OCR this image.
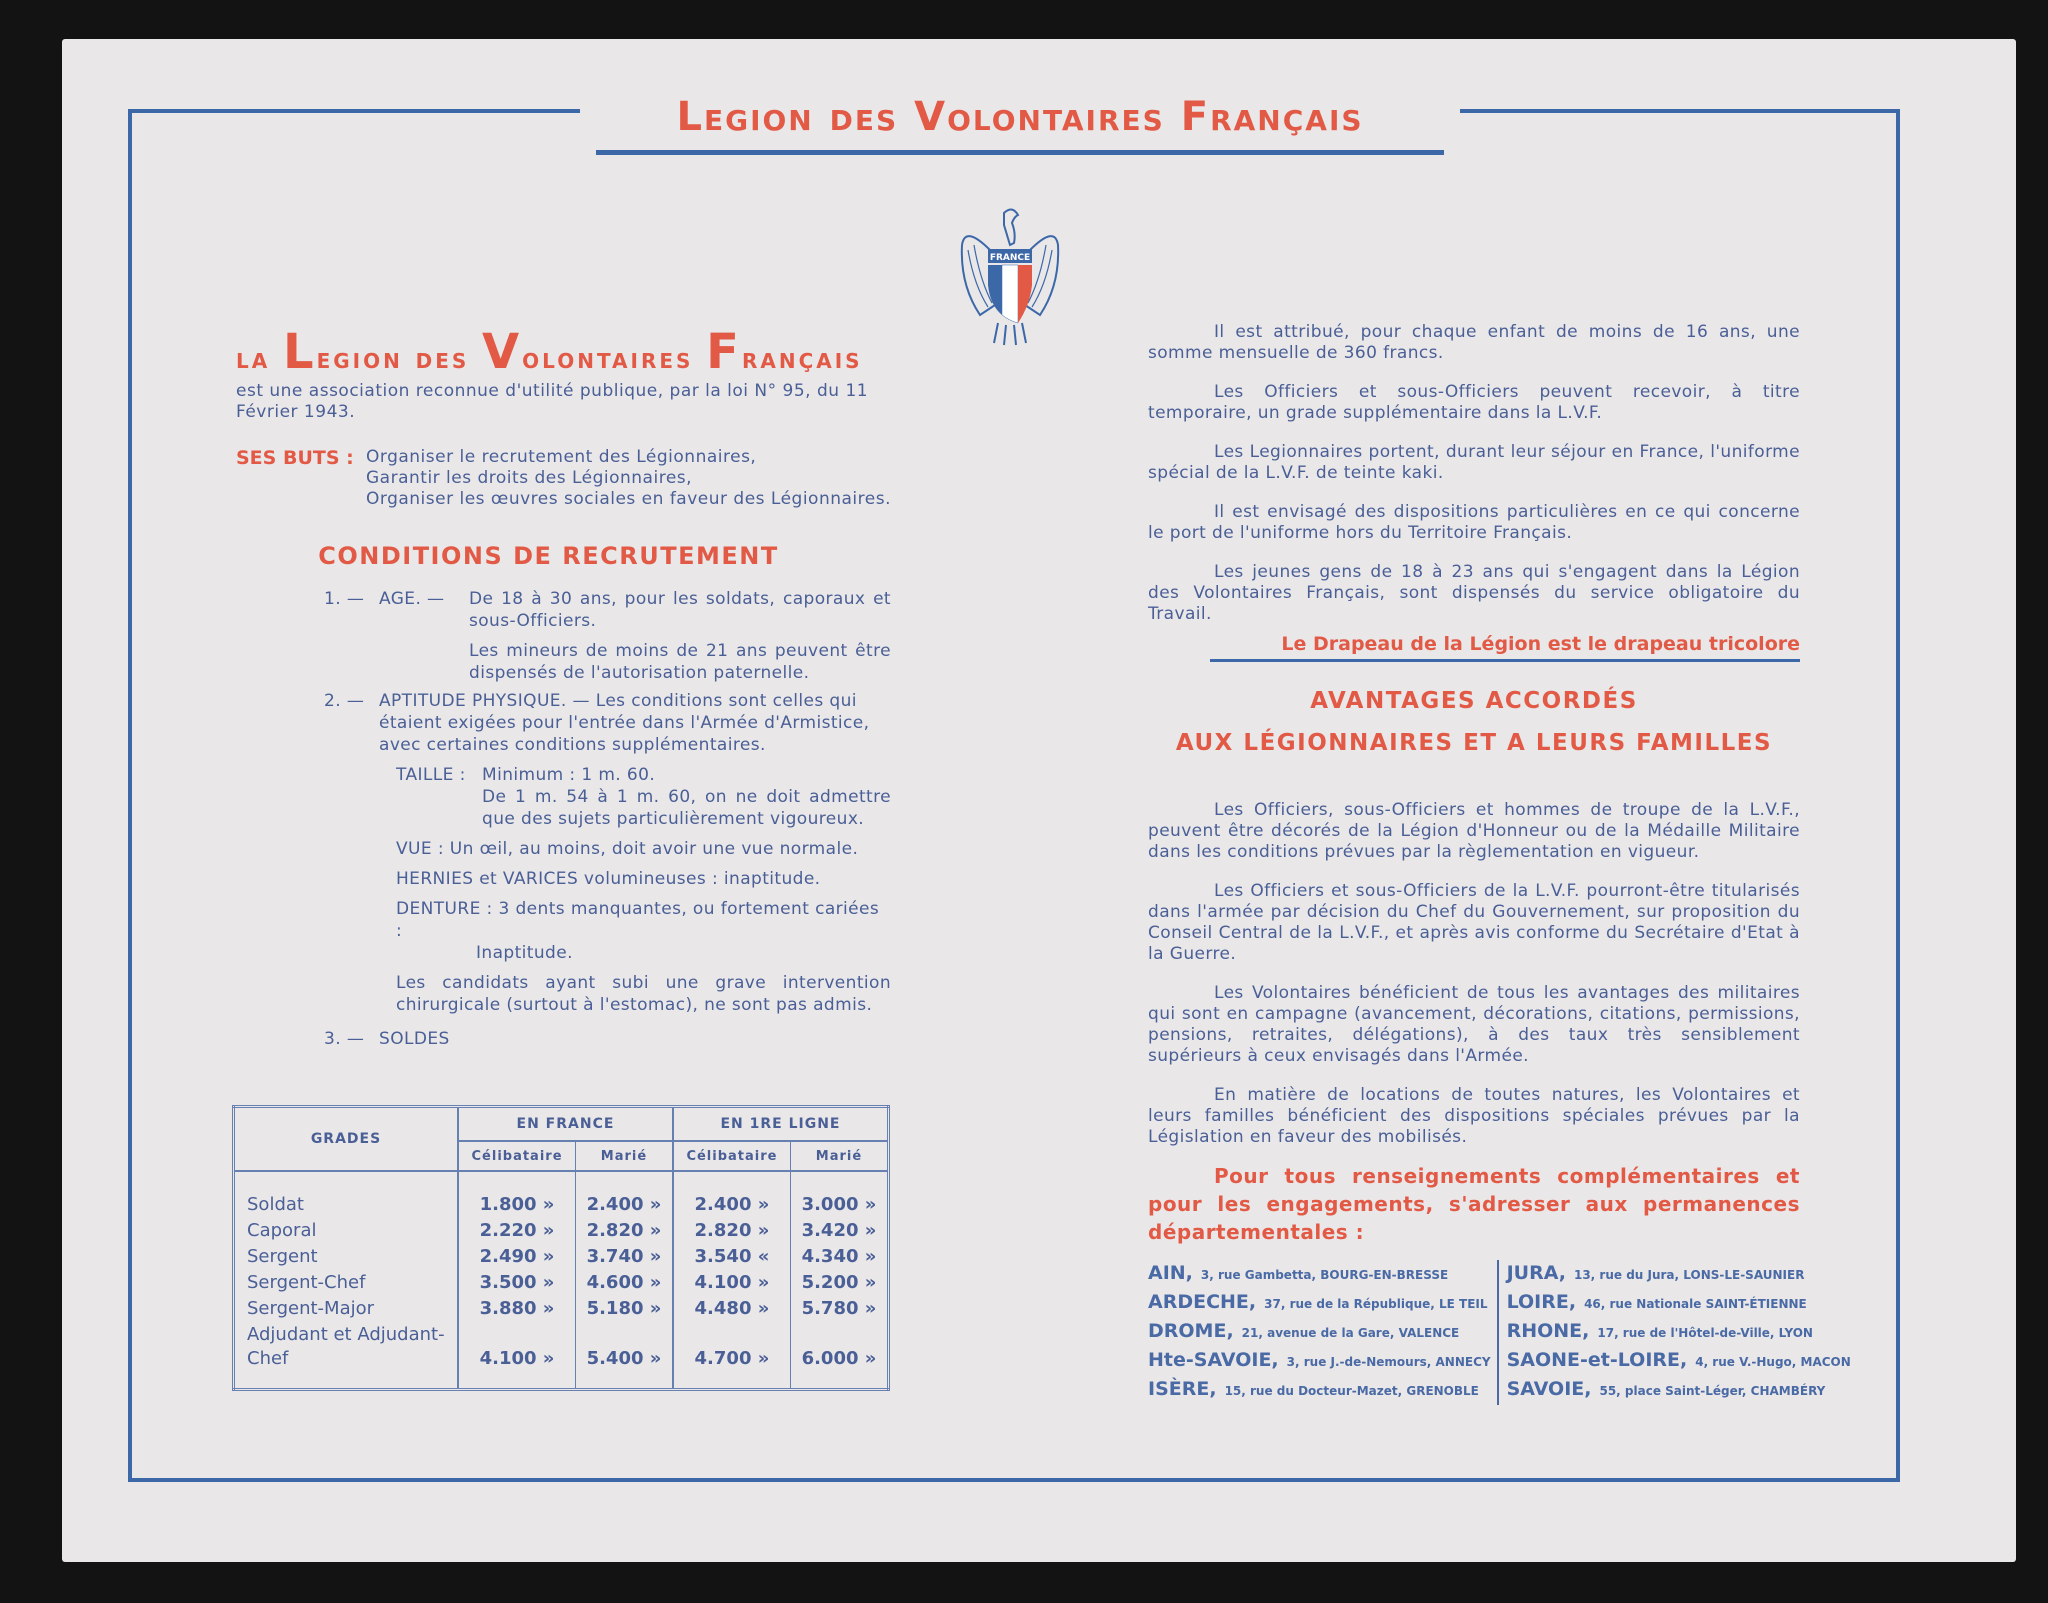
Legion des Volontaires Français
FRANCE
la Legion des Volontaires Français
est une association reconnue d'utilité publique, par la loi N° 95, du 11 Février 1943.
SES BUTS : Organiser le recrutement des Légionnaires,
Garantir les droits des Légionnaires,
Organiser les œuvres sociales en faveur des Légionnaires.
CONDITIONS DE RECRUTEMENT
1. — AGE. —	De 18 à 30 ans, pour les soldats, caporaux et sous-Officiers.
Les mineurs de moins de 21 ans peuvent être dispensés de l'autorisation paternelle.
2. — APTITUDE PHYSIQUE. — Les conditions sont celles qui étaient exigées pour l'entrée dans l'Armée d'Armistice, avec certaines conditions supplémentaires.
TAILLE : Minimum : 1 m. 60.
De 1 m. 54 à 1 m. 60, on ne doit admettre que des sujets particulièrement vigoureux.
VUE : Un œil, au moins, doit avoir une vue normale.
HERNIES et VARICES volumineuses : inaptitude.
DENTURE : 3 dents manquantes, ou fortement cariées :
Inaptitude.
Les candidats ayant subi une grave intervention chirurgicale (surtout à l'estomac), ne sont pas admis.
3. — SOLDES
GRADES	EN FRANCE		EN 1RE LIGNE	
	Célibataire	Marié	Célibataire	Marié

Soldat	1.800 »	2.400 »	2.400 »	3.000 »
Caporal	2.220 »	2.820 »	2.820 »	3.420 »
Sergent	2.490 »	3.740 »	3.540 «	4.340 »
Sergent-Chef	3.500 »	4.600 »	4.100 »	5.200 »
Sergent-Major	3.880 »	5.180 »	4.480 »	5.780 »
Adjudant et Adjudant-Chef	4.100 »	5.400 »	4.700 »	6.000 »

Il est attribué, pour chaque enfant de moins de 16 ans, une somme mensuelle de 360 francs.

Les Officiers et sous-Officiers peuvent recevoir, à titre temporaire, un grade supplémentaire dans la L.V.F.

Les Legionnaires portent, durant leur séjour en France, l'uniforme spécial de la L.V.F. de teinte kaki.

Il est envisagé des dispositions particulières en ce qui concerne le port de l'uniforme hors du Territoire Français.

Les jeunes gens de 18 à 23 ans qui s'engagent dans la Légion des Volontaires Français, sont dispensés du service obligatoire du Travail.

Le Drapeau de la Légion est le drapeau tricolore
AVANTAGES ACCORDÉS
AUX LÉGIONNAIRES ET A LEURS FAMILLES

Les Officiers, sous-Officiers et hommes de troupe de la L.V.F., peuvent être décorés de la Légion d'Honneur ou de la Médaille Militaire dans les conditions prévues par la règlementation en vigueur.

Les Officiers et sous-Officiers de la L.V.F. pourront-être titularisés dans l'armée par décision du Chef du Gouvernement, sur proposition du Conseil Central de la L.V.F., et après avis conforme du Secrétaire d'Etat à la Guerre.

Les Volontaires bénéficient de tous les avantages des militaires qui sont en campagne (avancement, décorations, citations, permissions, pensions, retraites, délégations), à des taux très sensiblement supérieurs à ceux envisagés dans l'Armée.

En matière de locations de toutes natures, les Volontaires et leurs familles bénéficient des dispositions spéciales prévues par la Législation en faveur des mobilisés.

Pour tous renseignements complémentaires et pour les engagements, s'adresser aux permanences départementales :
AIN, 3, rue Gambetta, BOURG-EN-BRESSE
ARDECHE, 37, rue de la République, LE TEIL
DROME, 21, avenue de la Gare, VALENCE
Hte-SAVOIE, 3, rue J.-de-Nemours, ANNECY
ISÈRE, 15, rue du Docteur-Mazet, GRENOBLE
JURA, 13, rue du Jura, LONS-LE-SAUNIER
LOIRE, 46, rue Nationale SAINT-ÉTIENNE
RHONE, 17, rue de l'Hôtel-de-Ville, LYON
SAONE-et-LOIRE, 4, rue V.-Hugo, MACON
SAVOIE, 55, place Saint-Léger, CHAMBÉRY
